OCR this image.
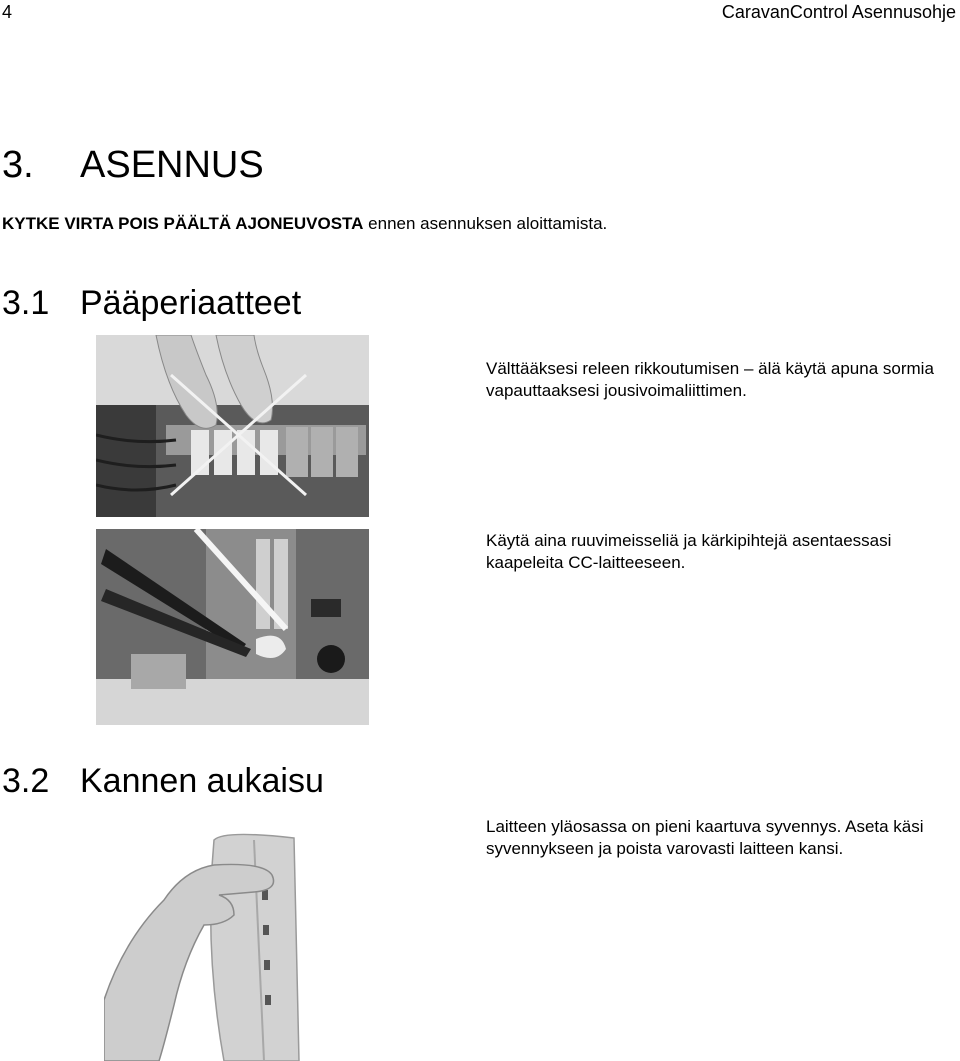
4	CaravanControl Asennusohje
3. ASENNUS
KYTKE VIRTA POIS PÄÄLTÄ AJONEUVOSTA ennen asennuksen aloittamista.
3.1 Pääperiaatteet
Välttääksesi releen rikkoutumisen – älä käytä apuna sormia vapauttaaksesi jousivoimaliittimen.
Käytä aina ruuvimeisseliä ja kärkipihtejä asentaessasi kaapeleita CC-laitteeseen.
3.2 Kannen aukaisu
Laitteen yläosassa on pieni kaartuva syvennys. Aseta käsi syvennykseen ja poista varovasti laitteen kansi.
